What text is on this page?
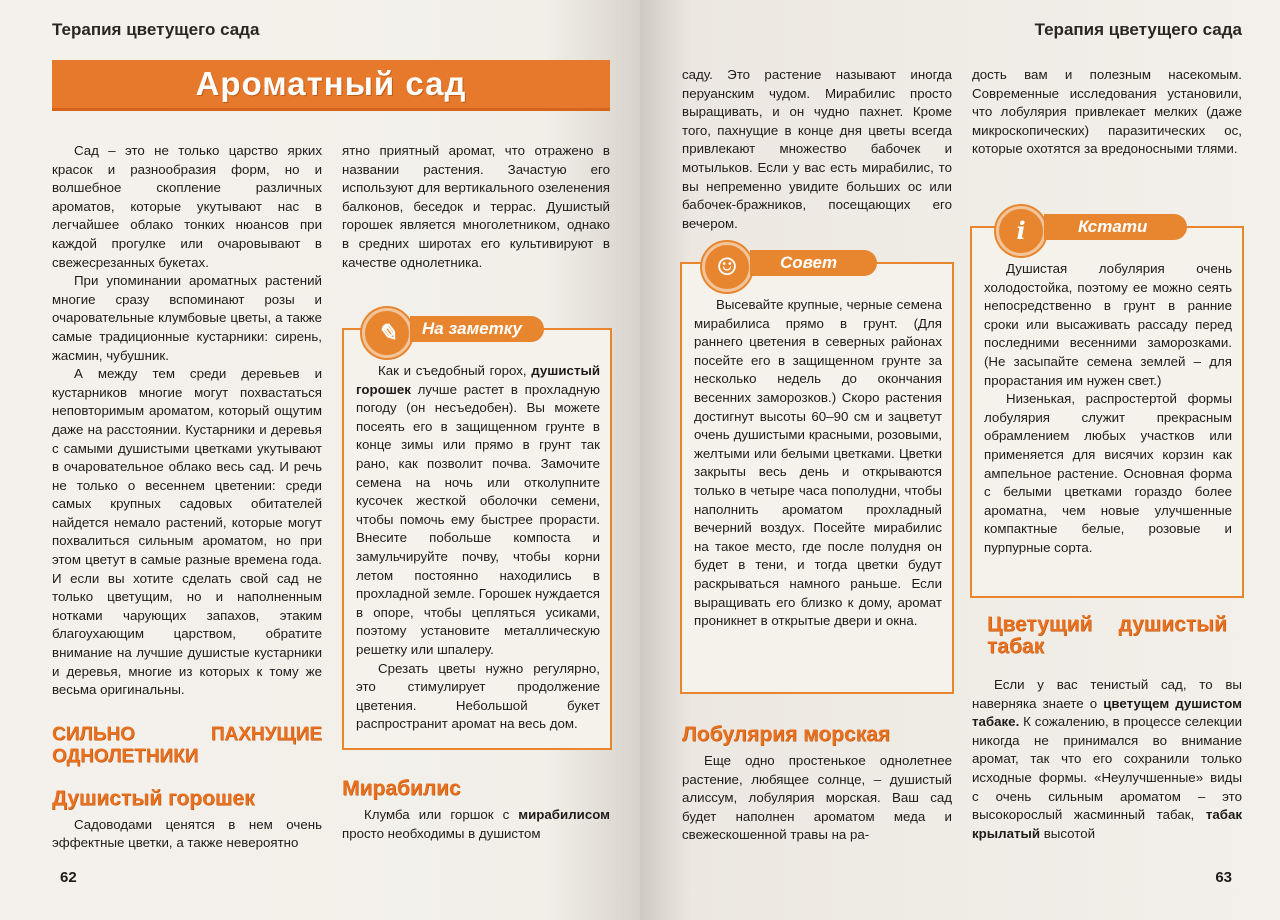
Терапия цветущего сада
Ароматный сад

Сад – это не только царство ярких красок и разнообразия форм, но и волшебное скопление различных ароматов, которые укутывают нас в легчайшее облако тонких нюансов при каждой прогулке или очаровывают в свежесрезанных букетах.

При упоминании ароматных растений многие сразу вспоминают розы и очаровательные клумбовые цветы, а также самые традиционные кустарники: сирень, жасмин, чубушник.

А между тем среди деревьев и кустарников многие могут похвастаться неповторимым ароматом, который ощутим даже на расстоянии. Кустарники и деревья с самыми душистыми цветками укутывают в очаровательное облако весь сад. И речь не только о весеннем цветении: среди самых крупных садовых обитателей найдется немало растений, которые могут похвалиться сильным ароматом, но при этом цветут в самые разные времена года. И если вы хотите сделать свой сад не только цветущим, но и наполненным нотками чарующих запахов, этаким благоухающим царством, обратите внимание на лучшие душистые кустарники и деревья, многие из которых к тому же весьма оригинальны.

СИЛЬНО ПАХНУЩИЕ ОДНОЛЕТНИКИ

Душистый горошек

Садоводами ценятся в нем очень эффектные цветки, а также невероятно

ятно приятный аромат, что отражено в названии растения. Зачастую его используют для вертикального озеленения балконов, беседок и террас. Душистый горошек является многолетником, однако в средних широтах его культивируют в качестве однолетника.

✎	На заметку

Как и съедобный горох, душистый горошек лучше растет в прохладную погоду (он несъедобен). Вы можете посеять его в защищенном грунте в конце зимы или прямо в грунт так рано, как позволит почва. Замочите семена на ночь или отколупните кусочек жесткой оболочки семени, чтобы помочь ему быстрее прорасти. Внесите побольше компоста и замульчируйте почву, чтобы корни летом постоянно находились в прохладной земле. Горошек нуждается в опоре, чтобы цепляться усиками, поэтому установите металлическую решетку или шпалеру.

Срезать цветы нужно регулярно, это стимулирует продолжение цветения. Небольшой букет распространит аромат на весь дом.

Мирабилис

Клумба или горшок с мирабилисом просто необходимы в душистом

62
Терапия цветущего сада

саду. Это растение называют иногда перуанским чудом. Мирабилис просто выращивать, и он чудно пахнет. Кроме того, пахнущие в конце дня цветы всегда привлекают множество бабочек и мотыльков. Если у вас есть мирабилис, то вы непременно увидите больших ос или бабочек-бражников, посещающих его вечером.

☺	Совет

Высевайте крупные, черные семена мирабилиса прямо в грунт. (Для раннего цветения в северных районах посейте его в защищенном грунте за несколько недель до окончания весенних заморозков.) Скоро растения достигнут высоты 60–90 см и зацветут очень душистыми красными, розовыми, желтыми или белыми цветками. Цветки закрыты весь день и открываются только в четыре часа пополудни, чтобы наполнить ароматом прохладный вечерний воздух. Посейте мирабилис на такое место, где после полудня он будет в тени, и тогда цветки будут раскрываться намного раньше. Если выращивать его близко к дому, аромат проникнет в открытые двери и окна.

Лобулярия морская

Еще одно простенькое однолетнее растение, любящее солнце, – душистый алиссум, лобулярия морская. Ваш сад будет наполнен ароматом меда и свежескошенной травы на ра-

дость вам и полезным насекомым. Современные исследования установили, что лобулярия привлекает мелких (даже микроскопических) паразитических ос, которые охотятся за вредоносными тлями.

i	Кстати

Душистая лобулярия очень холодостойка, поэтому ее можно сеять непосредственно в грунт в ранние сроки или высаживать рассаду перед последними весенними заморозками. (Не засыпайте семена землей – для прорастания им нужен свет.)

Низенькая, распростертой формы лобулярия служит прекрасным обрамлением любых участков или применяется для висячих корзин как ампельное растение. Основная форма с белыми цветками гораздо более ароматна, чем новые улучшенные компактные белые, розовые и пурпурные сорта.

Цветущий душистый табак

Если у вас тенистый сад, то вы наверняка знаете о цветущем душистом табаке. К сожалению, в процессе селекции никогда не принимался во внимание аромат, так что его сохранили только исходные формы. «Неулучшенные» виды с очень сильным ароматом – это высокорослый жасминный табак, табак крылатый высотой

63
